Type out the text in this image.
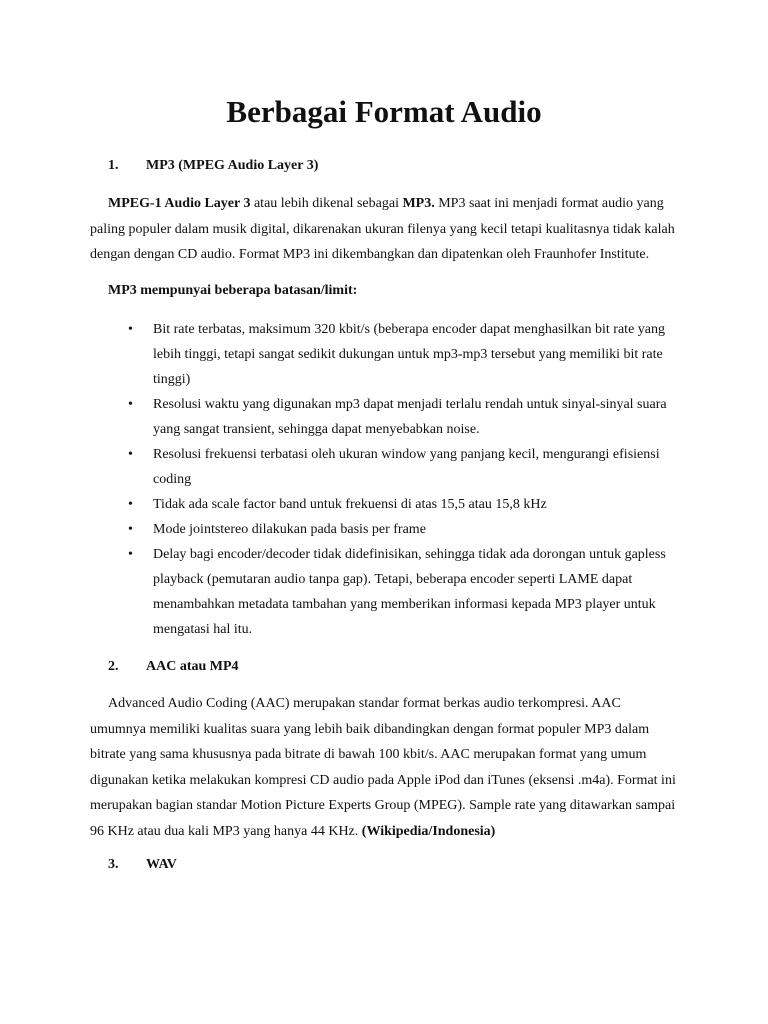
Berbagai Format Audio
1. MP3 (MPEG Audio Layer 3)
MPEG-1 Audio Layer 3 atau lebih dikenal sebagai MP3. MP3 saat ini menjadi format audio yang paling populer dalam musik digital, dikarenakan ukuran filenya yang kecil tetapi kualitasnya tidak kalah dengan dengan CD audio. Format MP3 ini dikembangkan dan dipatenkan oleh Fraunhofer Institute.
MP3 mempunyai beberapa batasan/limit:
• Bit rate terbatas, maksimum 320 kbit/s (beberapa encoder dapat menghasilkan bit rate yang lebih tinggi, tetapi sangat sedikit dukungan untuk mp3-mp3 tersebut yang memiliki bit rate tinggi)
• Resolusi waktu yang digunakan mp3 dapat menjadi terlalu rendah untuk sinyal-sinyal suara yang sangat transient, sehingga dapat menyebabkan noise.
• Resolusi frekuensi terbatasi oleh ukuran window yang panjang kecil, mengurangi efisiensi coding
• Tidak ada scale factor band untuk frekuensi di atas 15,5 atau 15,8 kHz
• Mode jointstereo dilakukan pada basis per frame
• Delay bagi encoder/decoder tidak didefinisikan, sehingga tidak ada dorongan untuk gapless playback (pemutaran audio tanpa gap). Tetapi, beberapa encoder seperti LAME dapat menambahkan metadata tambahan yang memberikan informasi kepada MP3 player untuk mengatasi hal itu.
2. AAC atau MP4
Advanced Audio Coding (AAC) merupakan standar format berkas audio terkompresi. AAC umumnya memiliki kualitas suara yang lebih baik dibandingkan dengan format populer MP3 dalam bitrate yang sama khususnya pada bitrate di bawah 100 kbit/s. AAC merupakan format yang umum digunakan ketika melakukan kompresi CD audio pada Apple iPod dan iTunes (eksensi .m4a). Format ini merupakan bagian standar Motion Picture Experts Group (MPEG). Sample rate yang ditawarkan sampai 96 KHz atau dua kali MP3 yang hanya 44 KHz. (Wikipedia/Indonesia)
3. WAV
